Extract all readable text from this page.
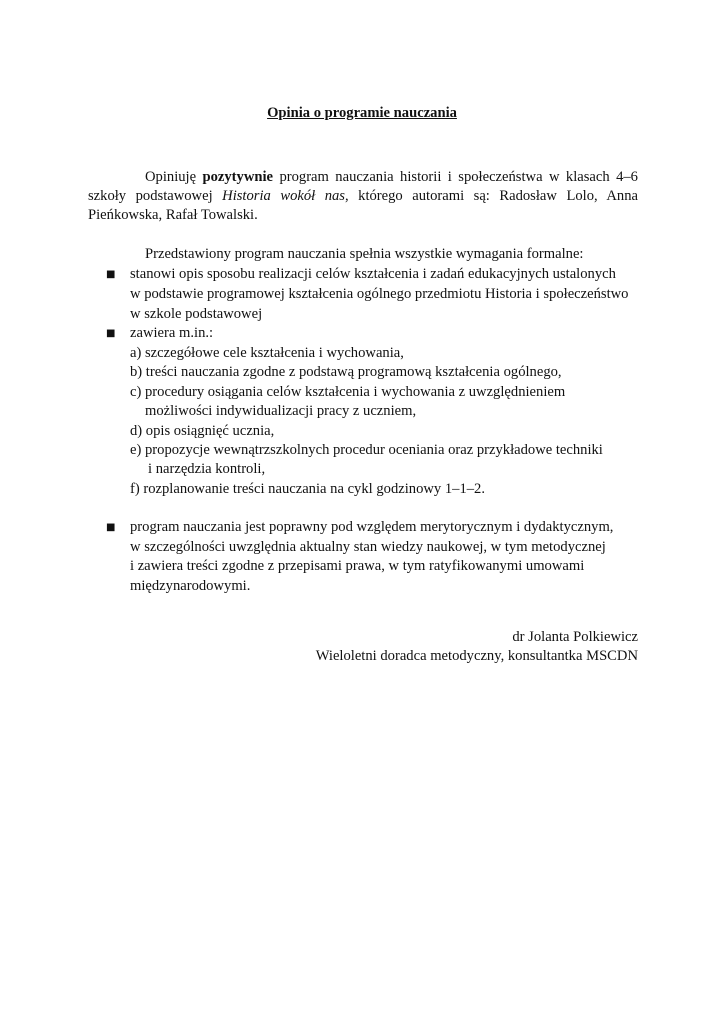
Opinia o programie nauczania

Opiniuję pozytywnie program nauczania historii i społeczeństwa w klasach 4–6 szkoły podstawowej Historia wokół nas, którego autorami są: Radosław Lolo, Anna Pieńkowska, Rafał Towalski.

Przedstawiony program nauczania spełnia wszystkie wymagania formalne:

■ stanowi opis sposobu realizacji celów kształcenia i zadań edukacyjnych ustalonych
w podstawie programowej kształcenia ogólnego przedmiotu Historia i społeczeństwo
w szkole podstawowej
■ zawiera m.in.:
a) szczegółowe cele kształcenia i wychowania,
b) treści nauczania zgodne z podstawą programową kształcenia ogólnego,
c) procedury osiągania celów kształcenia i wychowania z uwzględnieniem
możliwości indywidualizacji pracy z uczniem,
d) opis osiągnięć ucznia,
e) propozycje wewnątrzszkolnych procedur oceniania oraz przykładowe techniki
i narzędzia kontroli,
f) rozplanowanie treści nauczania na cykl godzinowy 1–1–2.
■ program nauczania jest poprawny pod względem merytorycznym i dydaktycznym,
w szczególności uwzględnia aktualny stan wiedzy naukowej, w tym metodycznej
i zawiera treści zgodne z przepisami prawa, w tym ratyfikowanymi umowami
międzynarodowymi.
dr Jolanta Polkiewicz
Wieloletni doradca metodyczny, konsultantka MSCDN
